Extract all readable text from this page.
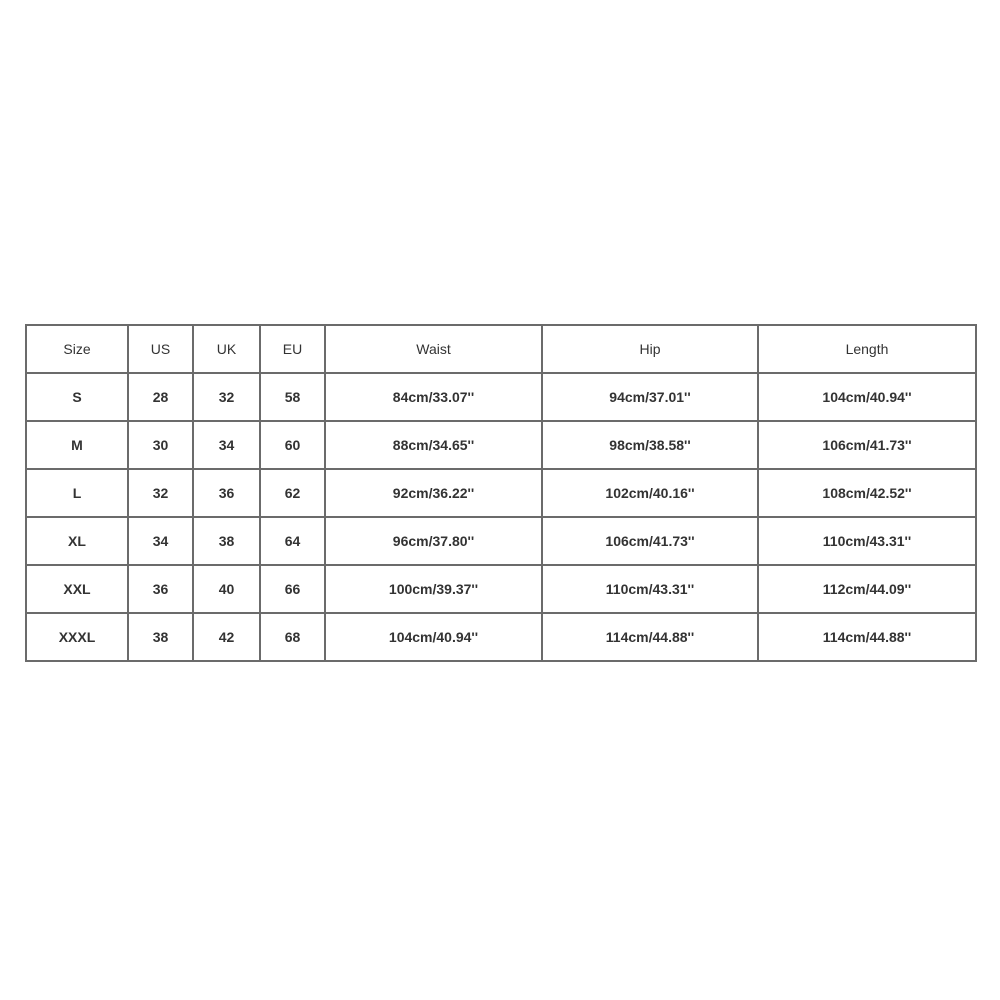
Size	US	UK	EU	Waist	Hip	Length
S	28	32	58	84cm/33.07''	94cm/37.01''	104cm/40.94''
M	30	34	60	88cm/34.65''	98cm/38.58''	106cm/41.73''
L	32	36	62	92cm/36.22''	102cm/40.16''	108cm/42.52''
XL	34	38	64	96cm/37.80''	106cm/41.73''	110cm/43.31''
XXL	36	40	66	100cm/39.37''	110cm/43.31''	112cm/44.09''
XXXL	38	42	68	104cm/40.94''	114cm/44.88''	114cm/44.88''
